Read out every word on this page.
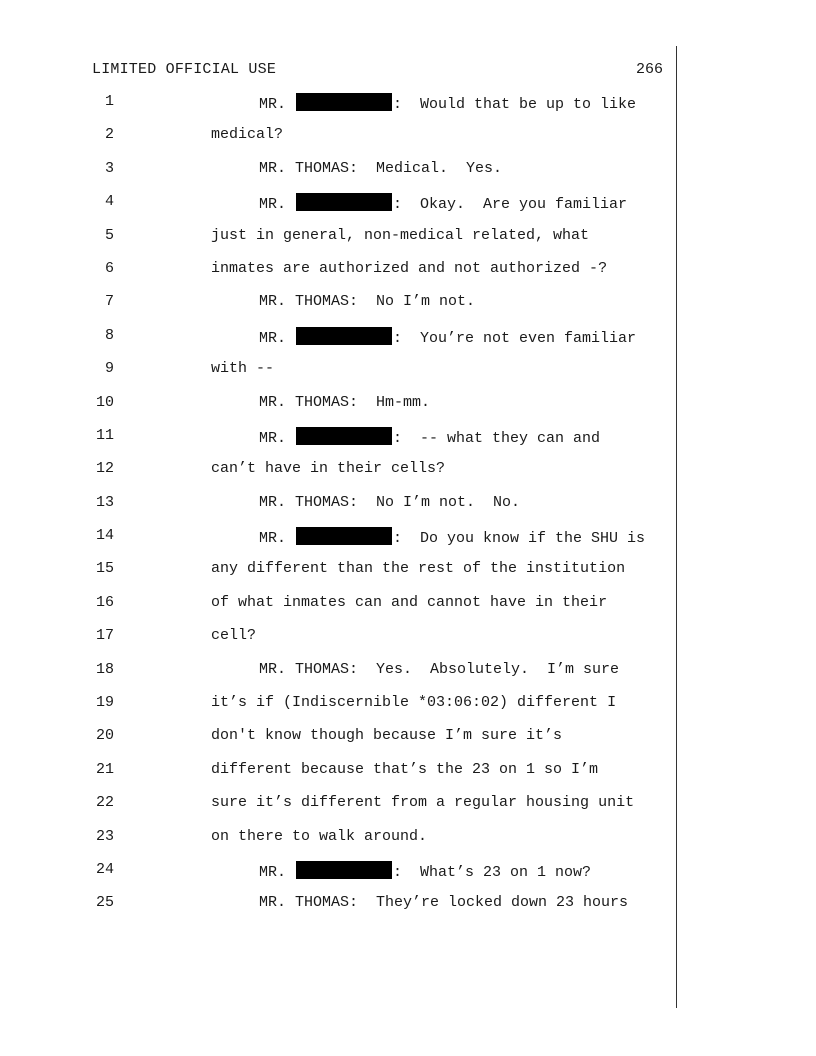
LIMITED OFFICIAL USE	266
1	MR.	:  Would that be up to like
2	medical?
3	MR. THOMAS:  Medical.  Yes.
4	MR.	:  Okay.  Are you familiar
5	just in general, non-medical related, what
6	inmates are authorized and not authorized -?
7	MR. THOMAS:  No I’m not.
8	MR.	:  You’re not even familiar
9	with --
10	MR. THOMAS:  Hm-mm.
11	MR.	:  -- what they can and
12	can’t have in their cells?
13	MR. THOMAS:  No I’m not.  No.
14	MR.	:  Do you know if the SHU is
15	any different than the rest of the institution
16	of what inmates can and cannot have in their
17	cell?
18	MR. THOMAS:  Yes.  Absolutely.  I’m sure
19	it’s if (Indiscernible *03:06:02) different I
20	don't know though because I’m sure it’s
21	different because that’s the 23 on 1 so I’m
22	sure it’s different from a regular housing unit
23	on there to walk around.
24	MR.	:  What’s 23 on 1 now?
25	MR. THOMAS:  They’re locked down 23 hours
